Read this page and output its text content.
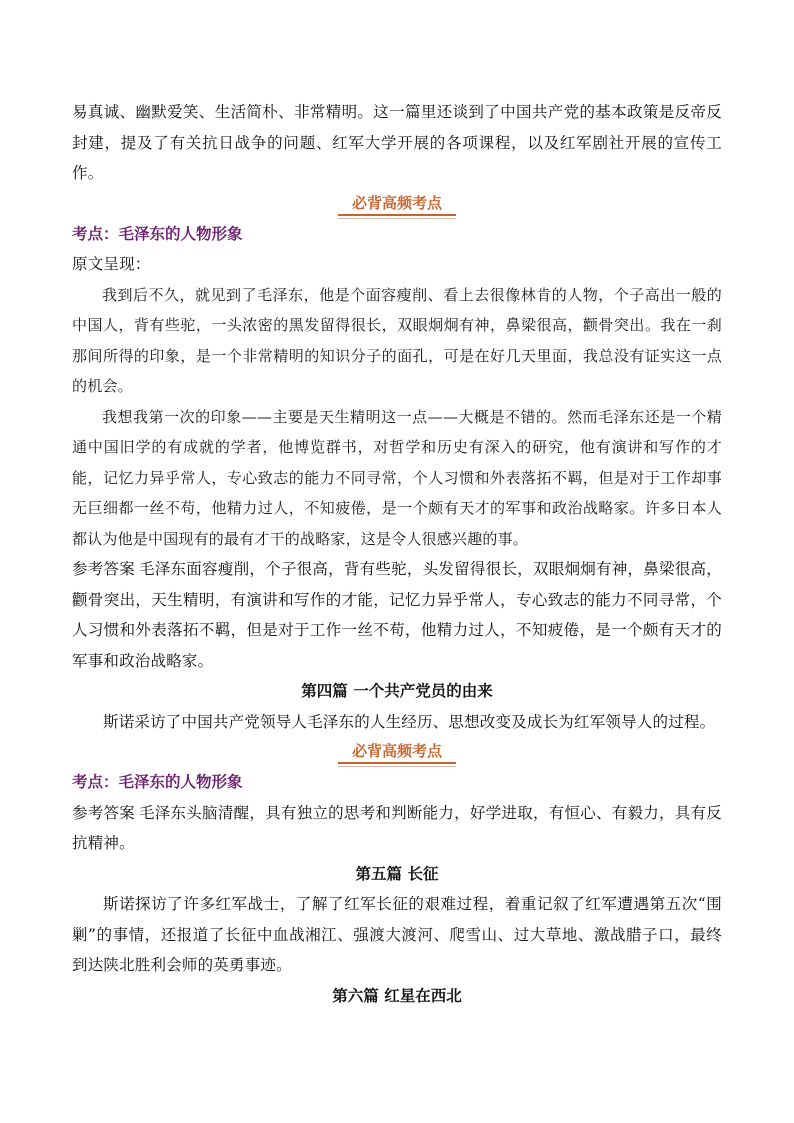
易真诚、幽默爱笑、生活简朴、非常精明。这一篇里还谈到了中国共产党的基本政策是反帝反封建，提及了有关抗日战争的问题、红军大学开展的各项课程，以及红军剧社开展的宣传工作。

必背高频考点

考点：毛泽东的人物形象

原文呈现：

我到后不久，就见到了毛泽东，他是个面容瘦削、看上去很像林肯的人物，个子高出一般的中国人，背有些驼，一头浓密的黑发留得很长，双眼炯炯有神，鼻梁很高，颧骨突出。我在一刹那间所得的印象，是一个非常精明的知识分子的面孔，可是在好几天里面，我总没有证实这一点的机会。

我想我第一次的印象——主要是天生精明这一点——大概是不错的。然而毛泽东还是一个精通中国旧学的有成就的学者，他博览群书，对哲学和历史有深入的研究，他有演讲和写作的才能，记忆力异乎常人，专心致志的能力不同寻常，个人习惯和外表落拓不羁，但是对于工作却事无巨细都一丝不苟，他精力过人，不知疲倦，是一个颇有天才的军事和政治战略家。许多日本人都认为他是中国现有的最有才干的战略家，这是令人很感兴趣的事。

参考答案 毛泽东面容瘦削，个子很高，背有些驼，头发留得很长，双眼炯炯有神，鼻梁很高，颧骨突出，天生精明，有演讲和写作的才能，记忆力异乎常人，专心致志的能力不同寻常，个人习惯和外表落拓不羁，但是对于工作一丝不苟，他精力过人，不知疲倦，是一个颇有天才的军事和政治战略家。

第四篇 一个共产党员的由来

斯诺采访了中国共产党领导人毛泽东的人生经历、思想改变及成长为红军领导人的过程。

必背高频考点

考点：毛泽东的人物形象

参考答案 毛泽东头脑清醒，具有独立的思考和判断能力，好学进取，有恒心、有毅力，具有反抗精神。

第五篇 长征

斯诺探访了许多红军战士，了解了红军长征的艰难过程，着重记叙了红军遭遇第五次“围剿”的事情，还报道了长征中血战湘江、强渡大渡河、爬雪山、过大草地、激战腊子口，最终到达陕北胜利会师的英勇事迹。

第六篇 红星在西北
